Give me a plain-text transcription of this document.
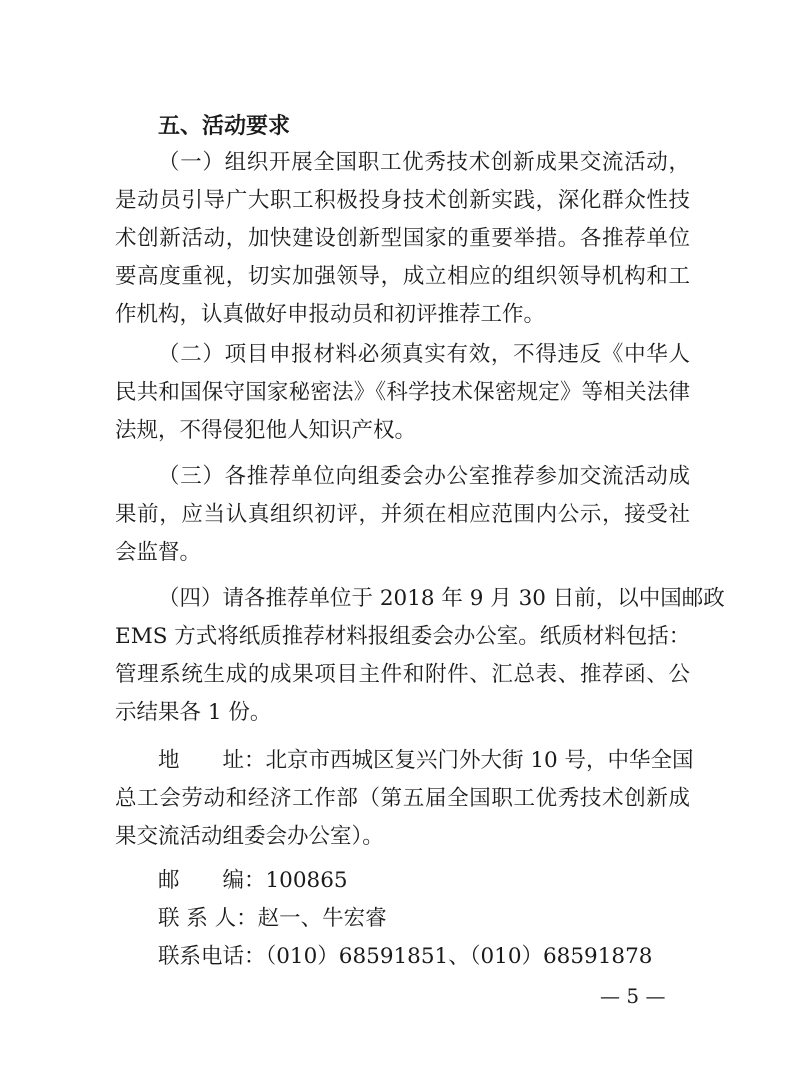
五、活动要求
（一）组织开展全国职工优秀技术创新成果交流活动，
是动员引导广大职工积极投身技术创新实践，深化群众性技
术创新活动，加快建设创新型国家的重要举措。各推荐单位
要高度重视，切实加强领导，成立相应的组织领导机构和工
作机构，认真做好申报动员和初评推荐工作。
（二）项目申报材料必须真实有效，不得违反《中华人
民共和国保守国家秘密法》《科学技术保密规定》等相关法律
法规，不得侵犯他人知识产权。
（三）各推荐单位向组委会办公室推荐参加交流活动成
果前，应当认真组织初评，并须在相应范围内公示，接受社
会监督。
（四）请各推荐单位于 2018 年 9 月 30 日前，以中国邮政
EMS 方式将纸质推荐材料报组委会办公室。纸质材料包括：
管理系统生成的成果项目主件和附件、汇总表、推荐函、公
示结果各 1 份。
地　　址：北京市西城区复兴门外大街 10 号，中华全国
总工会劳动和经济工作部（第五届全国职工优秀技术创新成
果交流活动组委会办公室）。
邮　　编：100865
联 系 人：赵一、牛宏睿
联系电话：（010）68591851、（010）68591878
— 5 —
